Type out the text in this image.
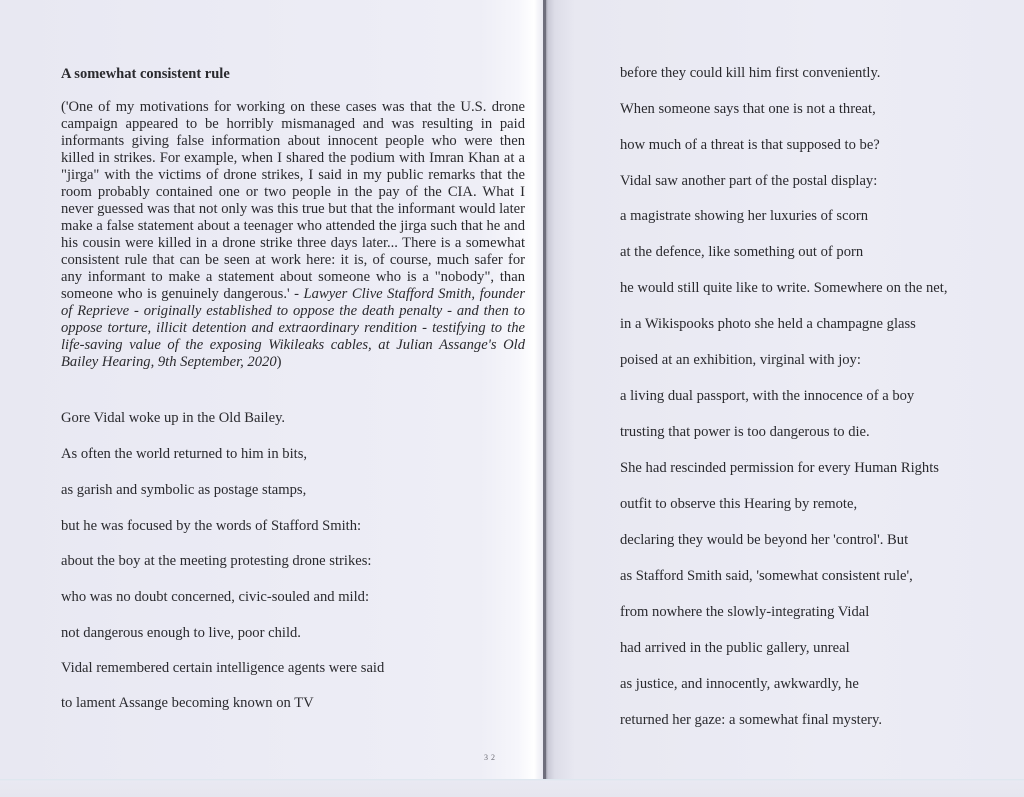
A somewhat consistent rule

('One of my motivations for working on these cases was that the U.S. drone campaign appeared to be horribly mismanaged and was resulting in paid informants giving false information about innocent people who were then killed in strikes. For example, when I shared the podium with Imran Khan at a "jirga" with the victims of drone strikes, I said in my public remarks that the room probably contained one or two people in the pay of the CIA. What I never guessed was that not only was this true but that the informant would later make a false statement about a teenager who attended the jirga such that he and his cousin were killed in a drone strike three days later... There is a somewhat consistent rule that can be seen at work here: it is, of course, much safer for any informant to make a statement about someone who is a "nobody", than someone who is genuinely dangerous.' - Lawyer Clive Stafford Smith, founder of Reprieve - originally established to oppose the death penalty - and then to oppose torture, illicit detention and extraordinary rendition - testifying to the life-saving value of the exposing Wikileaks cables, at Julian Assange's Old Bailey Hearing, 9th September, 2020)

Gore Vidal woke up in the Old Bailey.
As often the world returned to him in bits,
as garish and symbolic as postage stamps,
but he was focused by the words of Stafford Smith:
about the boy at the meeting protesting drone strikes:
who was no doubt concerned, civic-souled and mild:
not dangerous enough to live, poor child.
Vidal remembered certain intelligence agents were said
to lament Assange becoming known on TV
32
before they could kill him first conveniently.
When someone says that one is not a threat,
how much of a threat is that supposed to be?
Vidal saw another part of the postal display:
a magistrate showing her luxuries of scorn
at the defence, like something out of porn
he would still quite like to write. Somewhere on the net,
in a Wikispooks photo she held a champagne glass
poised at an exhibition, virginal with joy:
a living dual passport, with the innocence of a boy
trusting that power is too dangerous to die.
She had rescinded permission for every Human Rights
outfit to observe this Hearing by remote,
declaring they would be beyond her 'control'. But
as Stafford Smith said, 'somewhat consistent rule',
from nowhere the slowly-integrating Vidal
had arrived in the public gallery, unreal
as justice, and innocently, awkwardly, he
returned her gaze: a somewhat final mystery.
